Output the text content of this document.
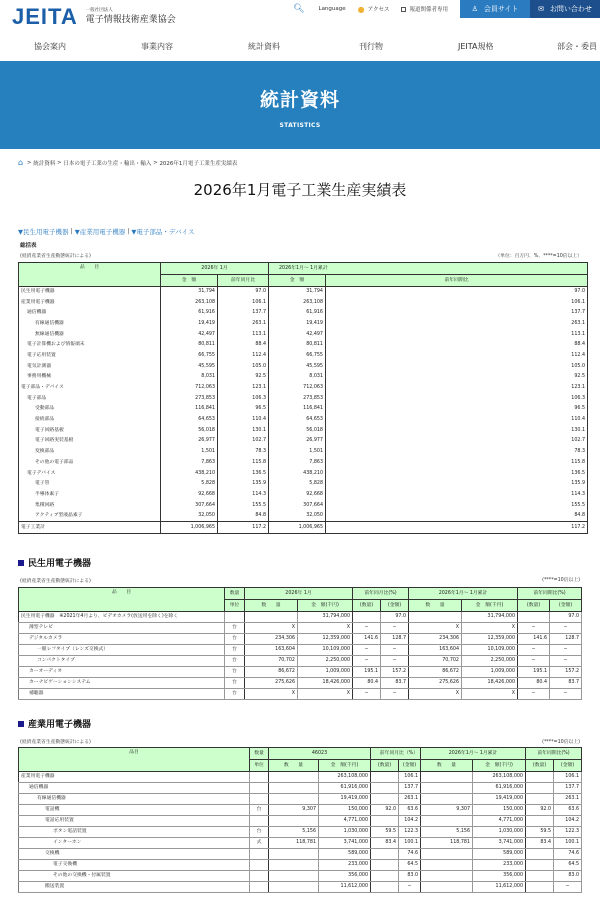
JEITA 一般社団法人
電子情報技術産業協会
🔍︎	Language ● アクセス	報道関係者専用	♙ 会員サイト	✉ お問い合わせ
協会案内	事業内容	統計資料	刊行物	JEITA規格	部会・委員
統計資料
STATISTICS
⌂ > 統計資料 > 日本の電子工業の生産・輸出・輸入 > 2026年1月電子工業生産実績表
2026年1月電子工業生産実績表
▼民生用電子機器 | ▼産業用電子機器 | ▼電子部品・デバイス
総括表
(経済産業省生産動態統計による)	（単位：百万円、%、****=10倍以上）
品　　目	2026年 1月		2026年1月～ 1月累計	
	金　額	前年同月比	金　額	前年同期比
民生用電子機器	31,794	97.0	31,794	97.0
産業用電子機器	263,108	106.1	263,108	106.1
通信機器	61,916	137.7	61,916	137.7
有線通信機器	19,419	263.1	19,419	263.1
無線通信機器	42,497	113.1	42,497	113.1
電子計算機および情報端末	80,811	88.4	80,811	88.4
電子応用装置	66,755	112.4	66,755	112.4
電気計測器	45,595	105.0	45,595	105.0
事務用機械	8,031	92.5	8,031	92.5
電子部品・デバイス	712,063	123.1	712,063	123.1
電子部品	273,853	106.3	273,853	106.3
受動部品	116,841	96.5	116,841	96.5
接続部品	64,653	110.4	64,653	110.4
電子回路基板	56,018	130.1	56,018	130.1
電子回路実装基板	26,977	102.7	26,977	102.7
変換部品	1,501	78.3	1,501	78.3
その他の電子部品	7,863	115.8	7,863	115.8
電子デバイス	438,210	136.5	438,210	136.5
電子管	5,828	135.9	5,828	135.9
半導体素子	92,668	114.3	92,668	114.3
集積回路	307,664	155.5	307,664	155.5
アクティブ型液晶素子	32,050	84.8	32,050	84.8
電子工業計	1,006,965	117.2	1,006,965	117.2
民生用電子機器
(経済産業省生産動態統計による)	(****=10倍以上)
品　　目	数量	2026年 1月		前年同月比(%)		2026年1月～ 1月累計		前年同期比(%)	
	単位	数　　量	金　額(千円)	(数量)	(金額)	数　　量	金　額(千円)	(数量)	(金額)
民生用電子機器　※2021年4月より、ビデオカメラ(放送用を除く)を除く			31,794,000		97.0		31,794,000		97.0
薄型テレビ	台	X	X	−	−	X	X	−	−
デジタルカメラ	台	234,306	12,359,000	141.6	128.7	234,306	12,359,000	141.6	128.7
一眼レフタイプ（レンズ交換式）	台	163,604	10,109,000	−	−	163,604	10,109,000	−	−
コンパクトタイプ	台	70,702	2,250,000	−	−	70,702	2,250,000	−	−
カーオーディオ	台	86,672	1,009,000	195.1	157.2	86,672	1,009,000	195.1	157.2
カーナビゲーションシステム	台	275,626	18,426,000	80.4	83.7	275,626	18,426,000	80.4	83.7
補聴器	台	X	X	−	−	X	X	−	−
産業用電子機器
(経済産業省生産動態統計による)	(****=10倍以上)
品目	数量	46023		前年同月比（%）		2026年1月～ 1月累計		前年同期比(%)	
	単位	数　　量	金　額(千円)	(数量)	(金額)	数　　量	金　額(千円)	(数量)	(金額)
産業用電子機器			263,108,000		106.1		263,108,000		106.1
通信機器			61,916,000		137.7		61,916,000		137.7
有線通信機器			19,419,000		263.1		19,419,000		263.1
電話機	台	9,307	150,000	92.0	63.6	9,307	150,000	92.0	63.6
電話応用装置			4,771,000		104.2		4,771,000		104.2
ボタン電話装置	台	5,156	1,030,000	59.5	122.3	5,156	1,030,000	59.5	122.3
インターホン	式	118,781	3,741,000	83.4	100.1	118,781	3,741,000	83.4	100.1
交換機			589,000		74.6		589,000		74.6
電子交換機			233,000		64.5		233,000		64.5
その他の交換機・付属装置			356,000		83.0		356,000		83.0
搬送装置			11,612,000		−		11,612,000		−
